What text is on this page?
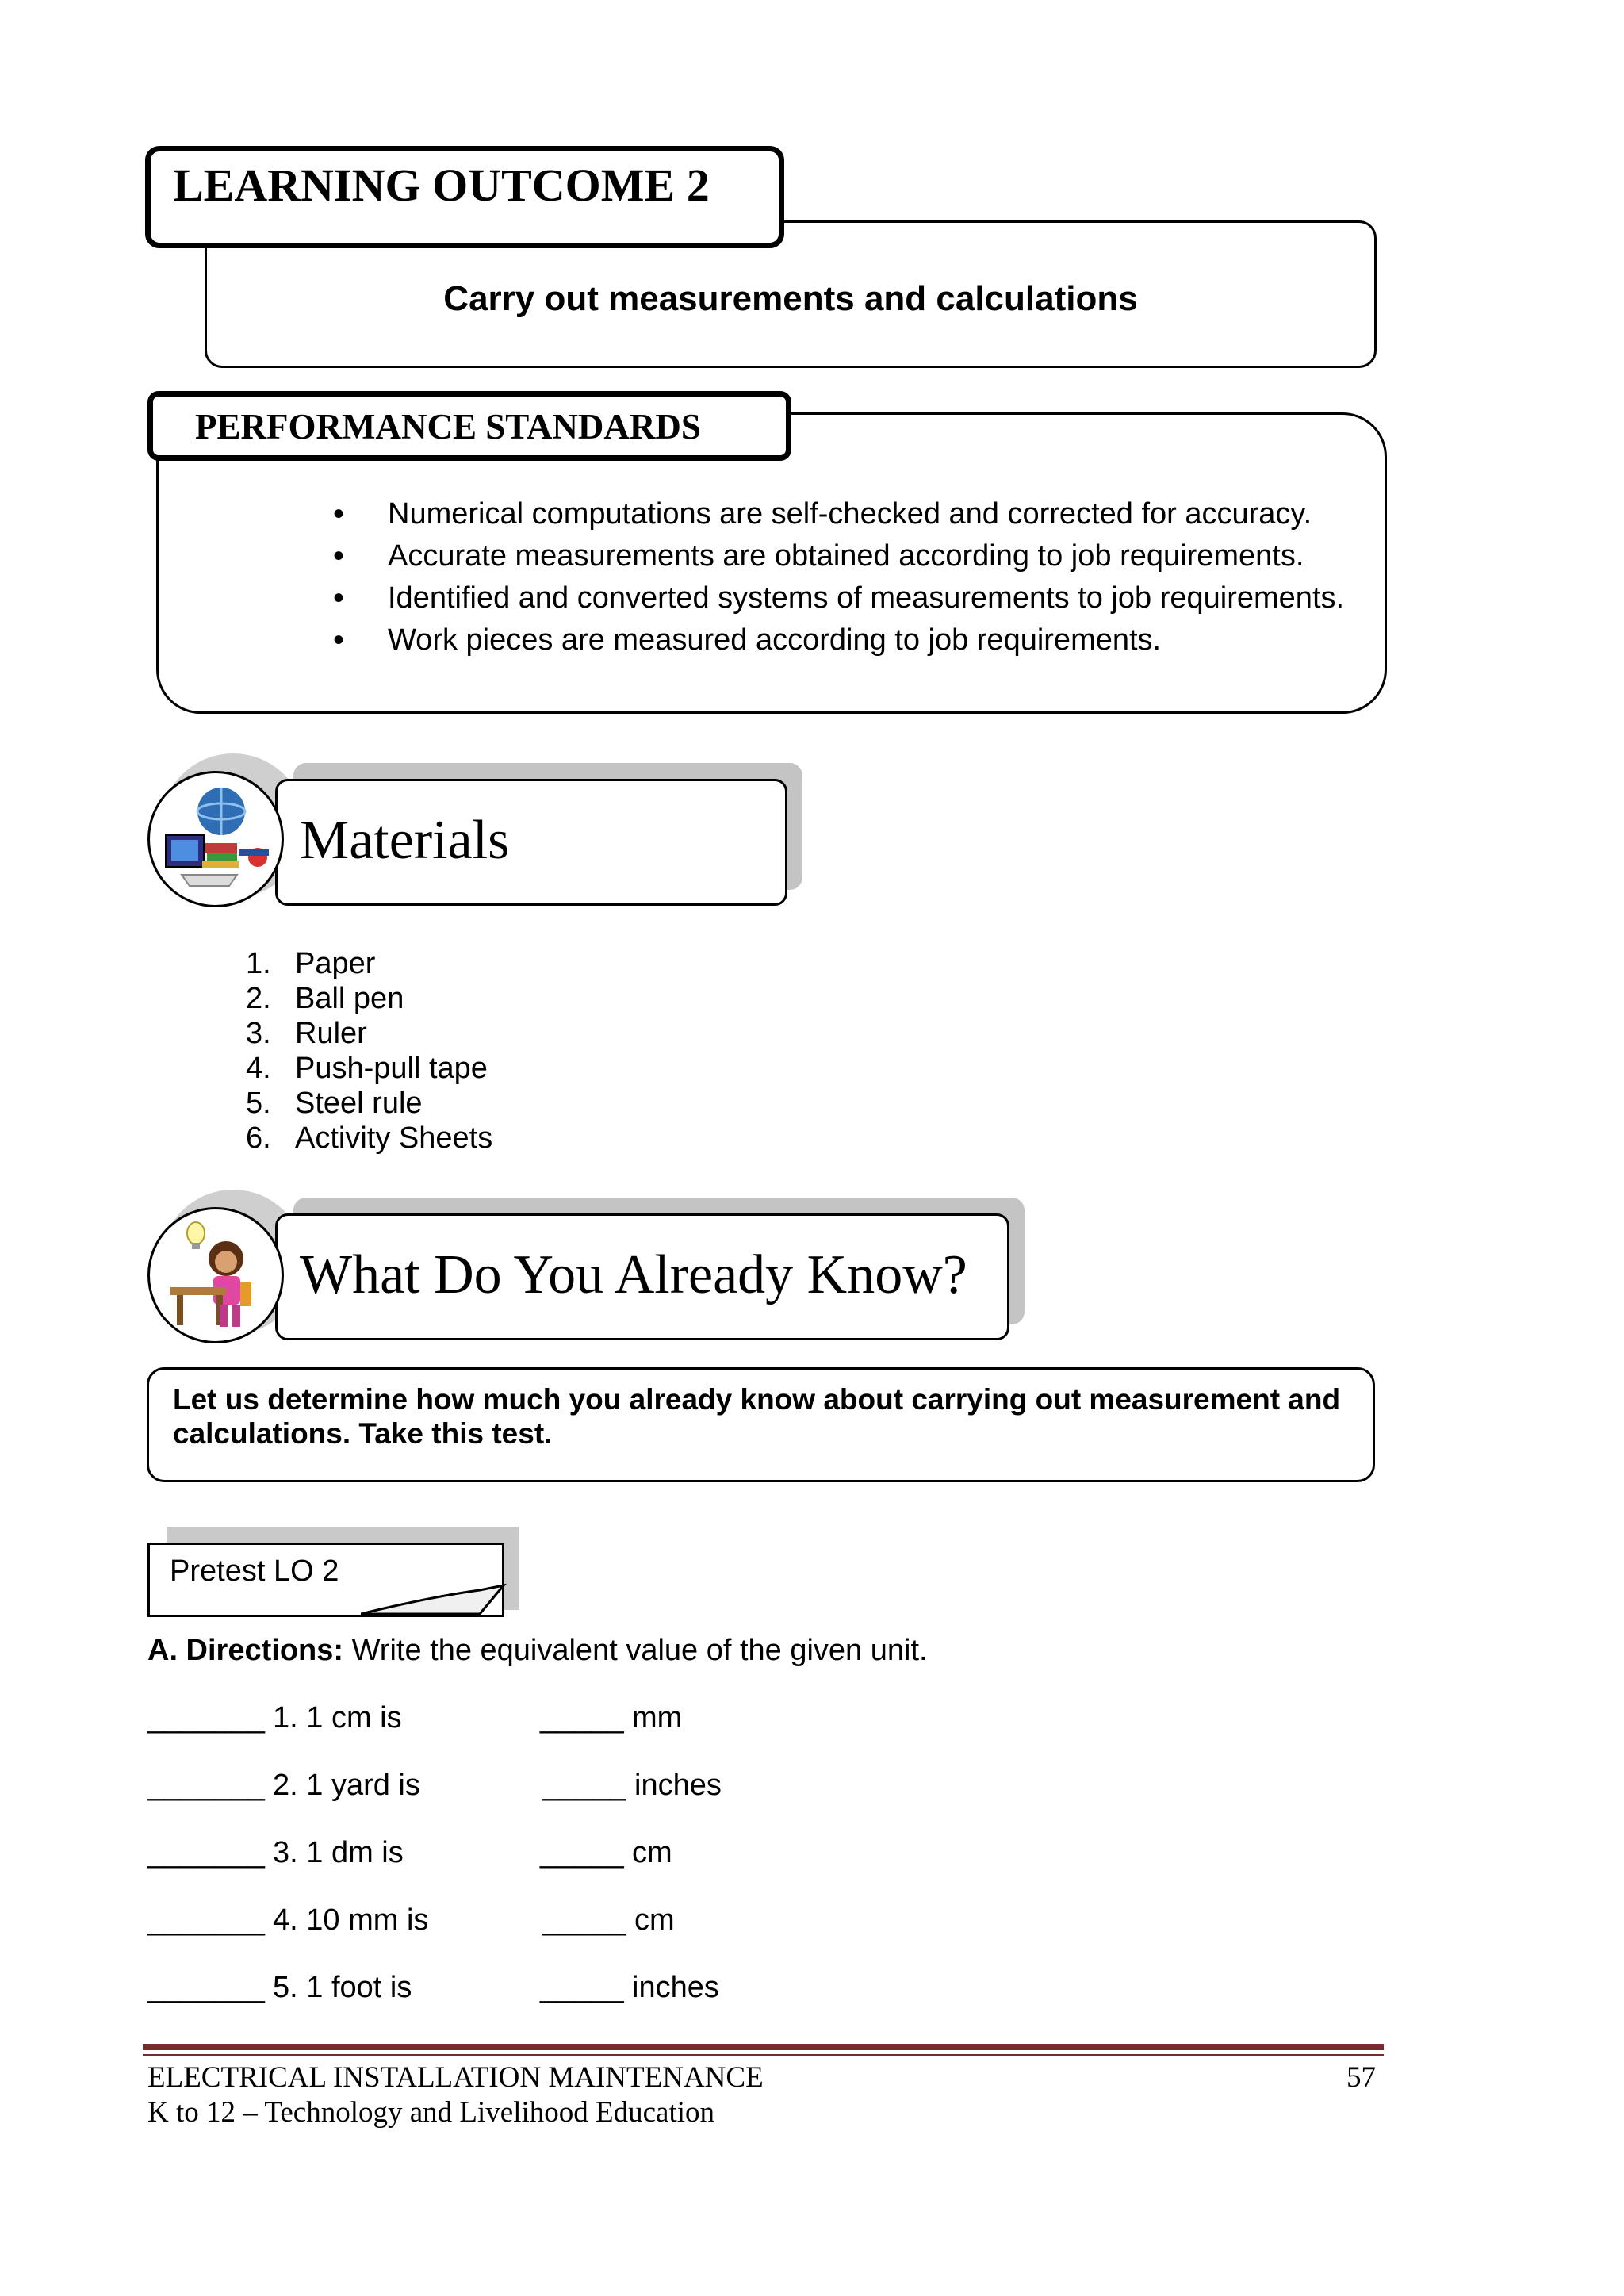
LEARNING OUTCOME 2
Carry out measurements and calculations
PERFORMANCE STANDARDS
• Numerical computations are self-checked and corrected for accuracy.
• Accurate measurements are obtained according to job requirements.
• Identified and converted systems of measurements to job requirements.
• Work pieces are measured according to job requirements.
Materials
1. Paper
2. Ball pen
3. Ruler
4. Push-pull tape
5. Steel rule
6. Activity Sheets
What Do You Already Know?
Let us determine how much you already know about carrying out measurement and calculations. Take this test.
Pretest LO 2
A. Directions: Write the equivalent value of the given unit.
_______ 1. 1 cm is	_____ mm
_______ 2. 1 yard is	_____ inches
_______ 3. 1 dm is	_____ cm
_______ 4. 10 mm is	_____ cm
_______ 5. 1 foot is	_____ inches
ELECTRICAL INSTALLATION MAINTENANCE
K to 12 – Technology and Livelihood Education
57
